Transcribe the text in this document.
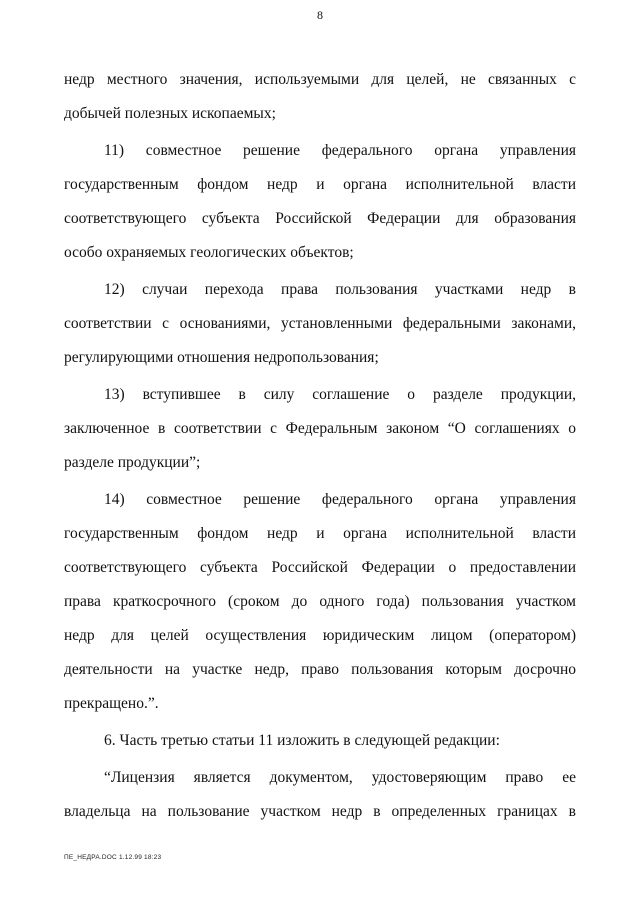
8

недр местного значения, используемыми для целей, не связанных с
добычей полезных ископаемых;

11) совместное решение федерального органа управления
государственным фондом недр и органа исполнительной власти
соответствующего субъекта Российской Федерации для образования
особо охраняемых геологических объектов;

12) случаи перехода права пользования участками недр в
соответствии с основаниями, установленными федеральными законами,
регулирующими отношения недропользования;

13) вступившее в силу соглашение о разделе продукции,
заключенное в соответствии с Федеральным законом “О соглашениях о
разделе продукции”;

14) совместное решение федерального органа управления
государственным фондом недр и органа исполнительной власти
соответствующего субъекта Российской Федерации о предоставлении
права краткосрочного (сроком до одного года) пользования участком
недр для целей осуществления юридическим лицом (оператором)
деятельности на участке недр, право пользования которым досрочно
прекращено.”.

6. Часть третью статьи 11 изложить в следующей редакции:

“Лицензия является документом, удостоверяющим право ее
владельца на пользование участком недр в определенных границах в

ПЕ_НЕДРА.DOC 1.12.99 18:23
